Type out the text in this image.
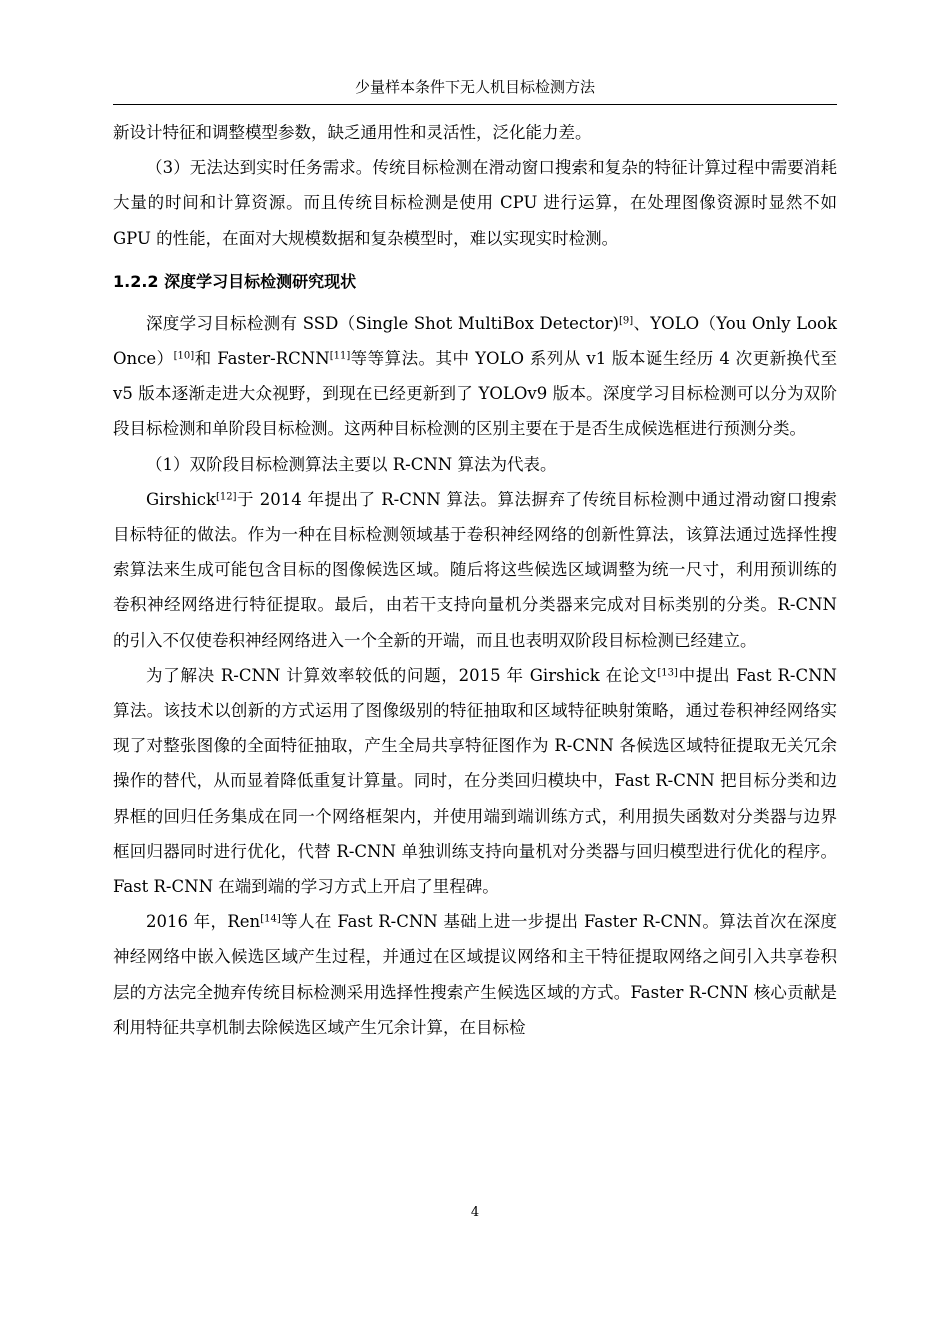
少量样本条件下无人机目标检测方法

新设计特征和调整模型参数，缺乏通用性和灵活性，泛化能力差。

（3）无法达到实时任务需求。传统目标检测在滑动窗口搜索和复杂的特征计算过程中需要消耗大量的时间和计算资源。而且传统目标检测是使用 CPU 进行运算，在处理图像资源时显然不如 GPU 的性能，在面对大规模数据和复杂模型时，难以实现实时检测。

1.2.2 深度学习目标检测研究现状

深度学习目标检测有 SSD（Single Shot MultiBox Detector)[9]、YOLO（You Only Look Once）[10]和 Faster-RCNN[11]等等算法。其中 YOLO 系列从 v1 版本诞生经历 4 次更新换代至 v5 版本逐渐走进大众视野，到现在已经更新到了 YOLOv9 版本。深度学习目标检测可以分为双阶段目标检测和单阶段目标检测。这两种目标检测的区别主要在于是否生成候选框进行预测分类。

（1）双阶段目标检测算法主要以 R-CNN 算法为代表。

Girshick[12]于 2014 年提出了 R-CNN 算法。算法摒弃了传统目标检测中通过滑动窗口搜索目标特征的做法。作为一种在目标检测领域基于卷积神经网络的创新性算法，该算法通过选择性搜索算法来生成可能包含目标的图像候选区域。随后将这些候选区域调整为统一尺寸，利用预训练的卷积神经网络进行特征提取。最后，由若干支持向量机分类器来完成对目标类别的分类。R-CNN 的引入不仅使卷积神经网络进入一个全新的开端，而且也表明双阶段目标检测已经建立。

为了解决 R-CNN 计算效率较低的问题，2015 年 Girshick 在论文[13]中提出 Fast R-CNN 算法。该技术以创新的方式运用了图像级别的特征抽取和区域特征映射策略，通过卷积神经网络实现了对整张图像的全面特征抽取，产生全局共享特征图作为 R-CNN 各候选区域特征提取无关冗余操作的替代，从而显着降低重复计算量。同时，在分类回归模块中，Fast R-CNN 把目标分类和边界框的回归任务集成在同一个网络框架内，并使用端到端训练方式，利用损失函数对分类器与边界框回归器同时进行优化，代替 R-CNN 单独训练支持向量机对分类器与回归模型进行优化的程序。Fast R-CNN 在端到端的学习方式上开启了里程碑。

2016 年，Ren[14]等人在 Fast R-CNN 基础上进一步提出 Faster R-CNN。算法首次在深度神经网络中嵌入候选区域产生过程，并通过在区域提议网络和主干特征提取网络之间引入共享卷积层的方法完全抛弃传统目标检测采用选择性搜索产生候选区域的方式。Faster R-CNN 核心贡献是利用特征共享机制去除候选区域产生冗余计算，在目标检

4
